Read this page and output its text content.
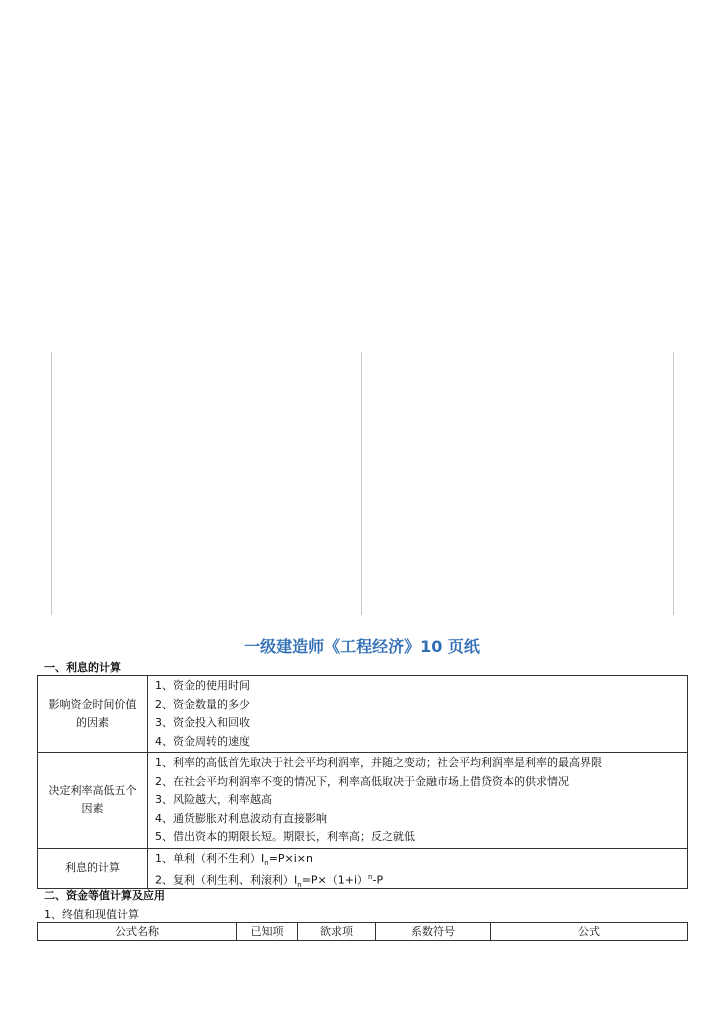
一级建造师《工程经济》10 页纸
一、利息的计算
影响资金时间价值的因素	1、资金的使用时间
2、资金数量的多少
3、资金投入和回收
4、资金周转的速度

决定利率高低五个因素	1、利率的高低首先取决于社会平均利润率，并随之变动；社会平均利润率是利率的最高界限
2、在社会平均利润率不变的情况下，利率高低取决于金融市场上借贷资本的供求情况
3、风险越大，利率越高
4、通货膨胀对利息波动有直接影响
5、借出资本的期限长短。期限长，利率高；反之就低

利息的计算	1、单利（利不生利）$I_n=P\times i\times n$
2、复利（利生利、利滚利）$I_n=P\times(1+i)^n-P$
二、资金等值计算及应用
1、终值和现值计算
公式名称	已知项	欲求项	系数符号	公式
